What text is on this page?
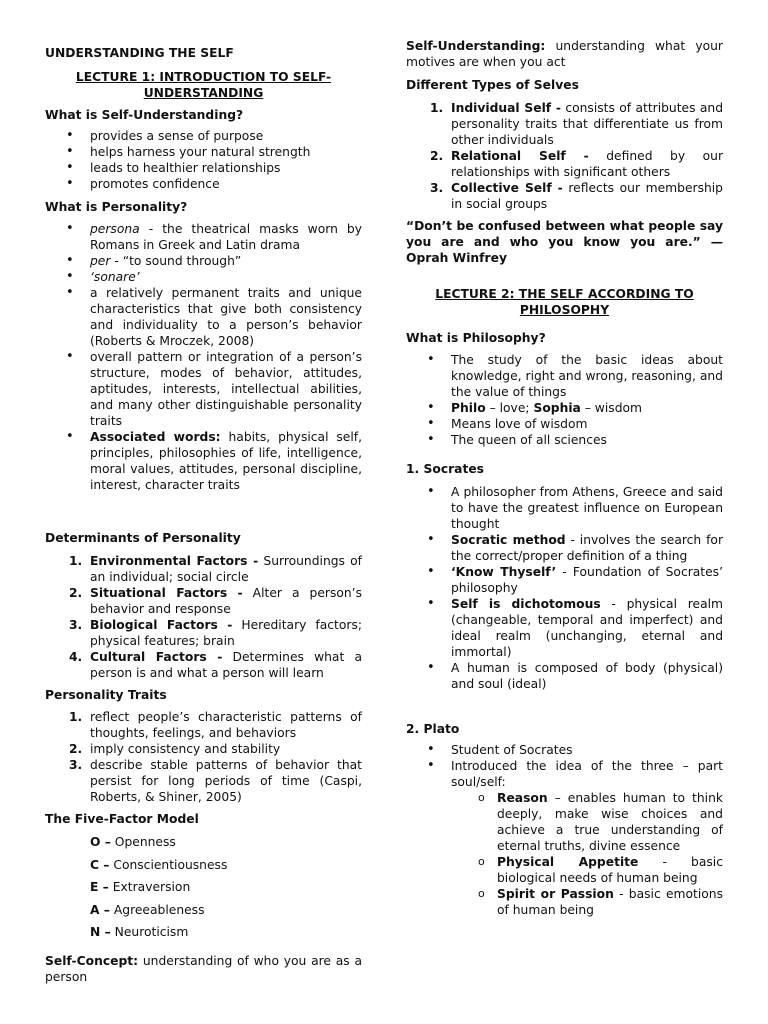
UNDERSTANDING THE SELF
LECTURE 1: INTRODUCTION TO SELF-UNDERSTANDING
What is Self-Understanding?
• provides a sense of purpose
• helps harness your natural strength
• leads to healthier relationships
• promotes confidence
What is Personality?
• persona - the theatrical masks worn by Romans in Greek and Latin drama
• per - “to sound through”
• ‘sonare’
• a relatively permanent traits and unique characteristics that give both consistency and individuality to a person’s behavior (Roberts & Mroczek, 2008)
• overall pattern or integration of a person’s structure, modes of behavior, attitudes, aptitudes, interests, intellectual abilities, and many other distinguishable personality traits
• Associated words: habits, physical self, principles, philosophies of life, intelligence, moral values, attitudes, personal discipline, interest, character traits
Determinants of Personality
1. Environmental Factors - Surroundings of an individual; social circle
2. Situational Factors - Alter a person’s behavior and response
3. Biological Factors - Hereditary factors; physical features; brain
4. Cultural Factors - Determines what a person is and what a person will learn
Personality Traits
1. reflect people’s characteristic patterns of thoughts, feelings, and behaviors
2. imply consistency and stability
3. describe stable patterns of behavior that persist for long periods of time (Caspi, Roberts, & Shiner, 2005)
The Five-Factor Model
O – Openness
C – Conscientiousness
E – Extraversion
A – Agreeableness
N – Neuroticism
Self-Concept: understanding of who you are as a person
Self-Understanding: understanding what your motives are when you act
Different Types of Selves
1. Individual Self - consists of attributes and personality traits that differentiate us from other individuals
2. Relational Self - defined by our relationships with significant others
3. Collective Self - reflects our membership in social groups
“Don’t be confused between what people say you are and who you know you are.” — Oprah Winfrey
LECTURE 2: THE SELF ACCORDING TO PHILOSOPHY
What is Philosophy?
• The study of the basic ideas about knowledge, right and wrong, reasoning, and the value of things
• Philo – love; Sophia – wisdom
• Means love of wisdom
• The queen of all sciences
1. Socrates
• A philosopher from Athens, Greece and said to have the greatest influence on European thought
• Socratic method - involves the search for the correct/proper definition of a thing
• ‘Know Thyself’ - Foundation of Socrates’ philosophy
• Self is dichotomous - physical realm (changeable, temporal and imperfect) and ideal realm (unchanging, eternal and immortal)
• A human is composed of body (physical) and soul (ideal)
2. Plato
• Student of Socrates
• Introduced the idea of the three – part soul/self:
o Reason – enables human to think deeply, make wise choices and achieve a true understanding of eternal truths, divine essence
o Physical Appetite - basic biological needs of human being
o Spirit or Passion - basic emotions of human being
